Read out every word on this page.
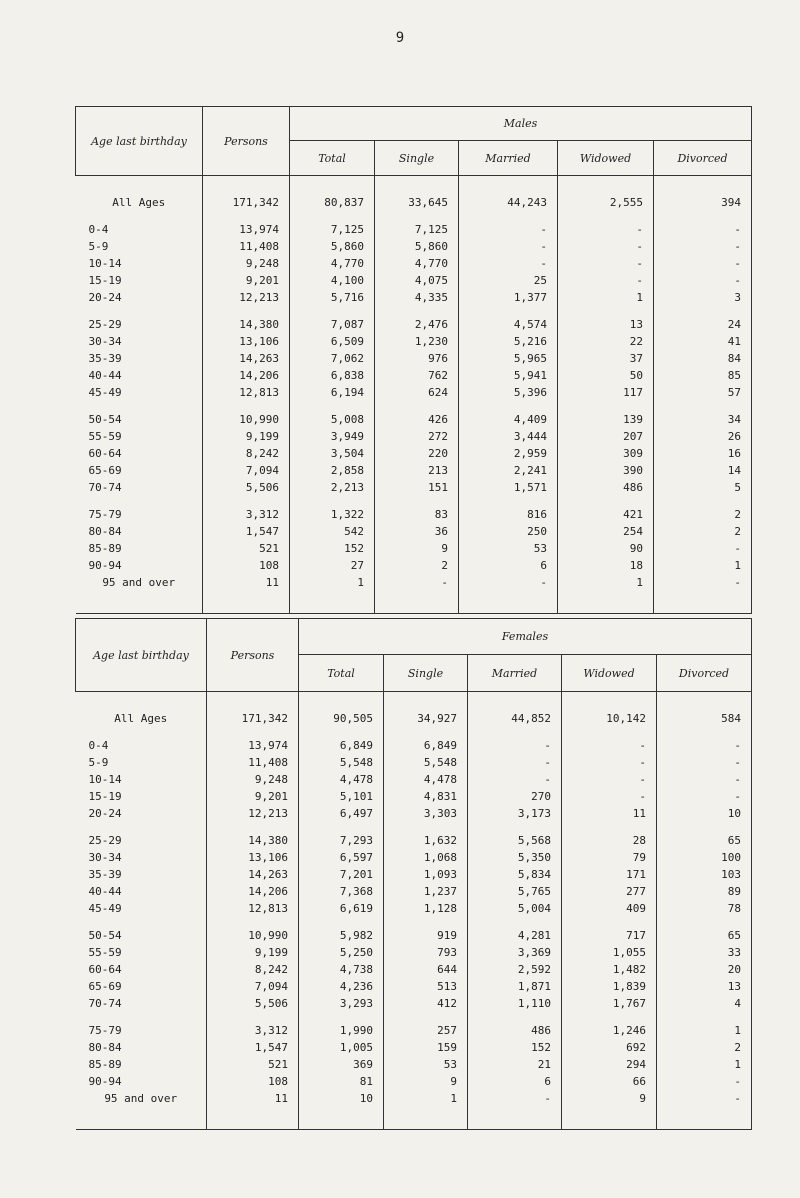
9
Age last birthday	Persons	Males				
		Total	Single	Married	Widowed	Divorced

All Ages	171,342	80,837	33,645	44,243	2,555	394

0-4	13,974	7,125	7,125	-	-	-
5-9	11,408	5,860	5,860	-	-	-
10-14	9,248	4,770	4,770	-	-	-
15-19	9,201	4,100	4,075	25	-	-
20-24	12,213	5,716	4,335	1,377	1	3

25-29	14,380	7,087	2,476	4,574	13	24
30-34	13,106	6,509	1,230	5,216	22	41
35-39	14,263	7,062	976	5,965	37	84
40-44	14,206	6,838	762	5,941	50	85
45-49	12,813	6,194	624	5,396	117	57

50-54	10,990	5,008	426	4,409	139	34
55-59	9,199	3,949	272	3,444	207	26
60-64	8,242	3,504	220	2,959	309	16
65-69	7,094	2,858	213	2,241	390	14
70-74	5,506	2,213	151	1,571	486	5

75-79	3,312	1,322	83	816	421	2
80-84	1,547	542	36	250	254	2
85-89	521	152	9	53	90	-
90-94	108	27	2	6	18	1
95 and over	11	1	-	-	1	-

Age last birthday	Persons	Females				
		Total	Single	Married	Widowed	Divorced

All Ages	171,342	90,505	34,927	44,852	10,142	584

0-4	13,974	6,849	6,849	-	-	-
5-9	11,408	5,548	5,548	-	-	-
10-14	9,248	4,478	4,478	-	-	-
15-19	9,201	5,101	4,831	270	-	-
20-24	12,213	6,497	3,303	3,173	11	10

25-29	14,380	7,293	1,632	5,568	28	65
30-34	13,106	6,597	1,068	5,350	79	100
35-39	14,263	7,201	1,093	5,834	171	103
40-44	14,206	7,368	1,237	5,765	277	89
45-49	12,813	6,619	1,128	5,004	409	78

50-54	10,990	5,982	919	4,281	717	65
55-59	9,199	5,250	793	3,369	1,055	33
60-64	8,242	4,738	644	2,592	1,482	20
65-69	7,094	4,236	513	1,871	1,839	13
70-74	5,506	3,293	412	1,110	1,767	4

75-79	3,312	1,990	257	486	1,246	1
80-84	1,547	1,005	159	152	692	2
85-89	521	369	53	21	294	1
90-94	108	81	9	6	66	-
95 and over	11	10	1	-	9	-
